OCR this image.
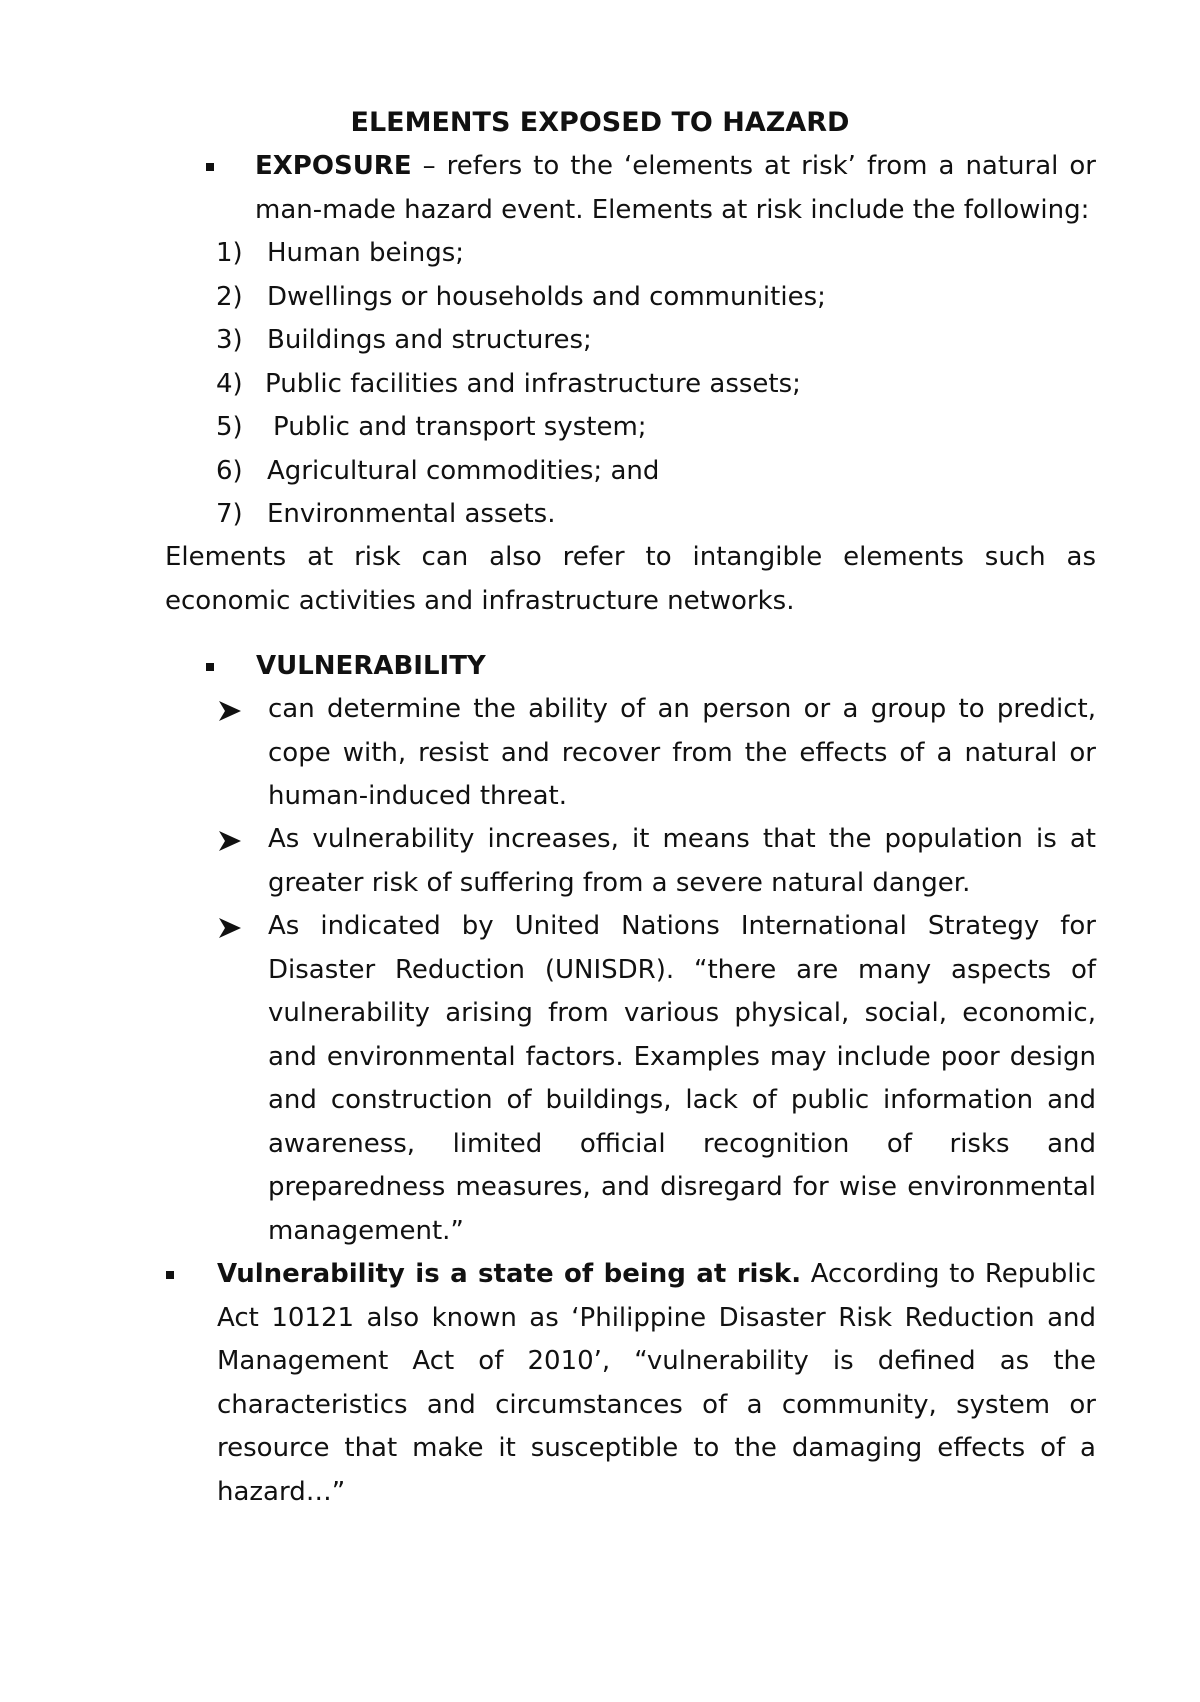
ELEMENTS EXPOSED TO HAZARD
EXPOSURE – refers to the ‘elements at risk’ from a natural or man-made hazard event. Elements at risk include the following:
1) Human beings;
2) Dwellings or households and communities;
3) Buildings and structures;
4) Public facilities and infrastructure assets;
5) Public and transport system;
6) Agricultural commodities; and
7) Environmental assets.
Elements at risk can also refer to intangible elements such as economic activities and infrastructure networks.
VULNERABILITY
can determine the ability of an person or a group to predict, cope with, resist and recover from the effects of a natural or human-induced threat.
As vulnerability increases, it means that the population is at greater risk of suffering from a severe natural danger.
As indicated by United Nations International Strategy for Disaster Reduction (UNISDR). “there are many aspects of vulnerability arising from various physical, social, economic, and environmental factors. Examples may include poor design and construction of buildings, lack of public information and awareness, limited official recognition of risks and preparedness measures, and disregard for wise environmental management.”
Vulnerability is a state of being at risk. According to Republic Act 10121 also known as ‘Philippine Disaster Risk Reduction and Management Act of 2010’, “vulnerability is defined as the characteristics and circumstances of a community, system or resource that make it susceptible to the damaging effects of a hazard…”
